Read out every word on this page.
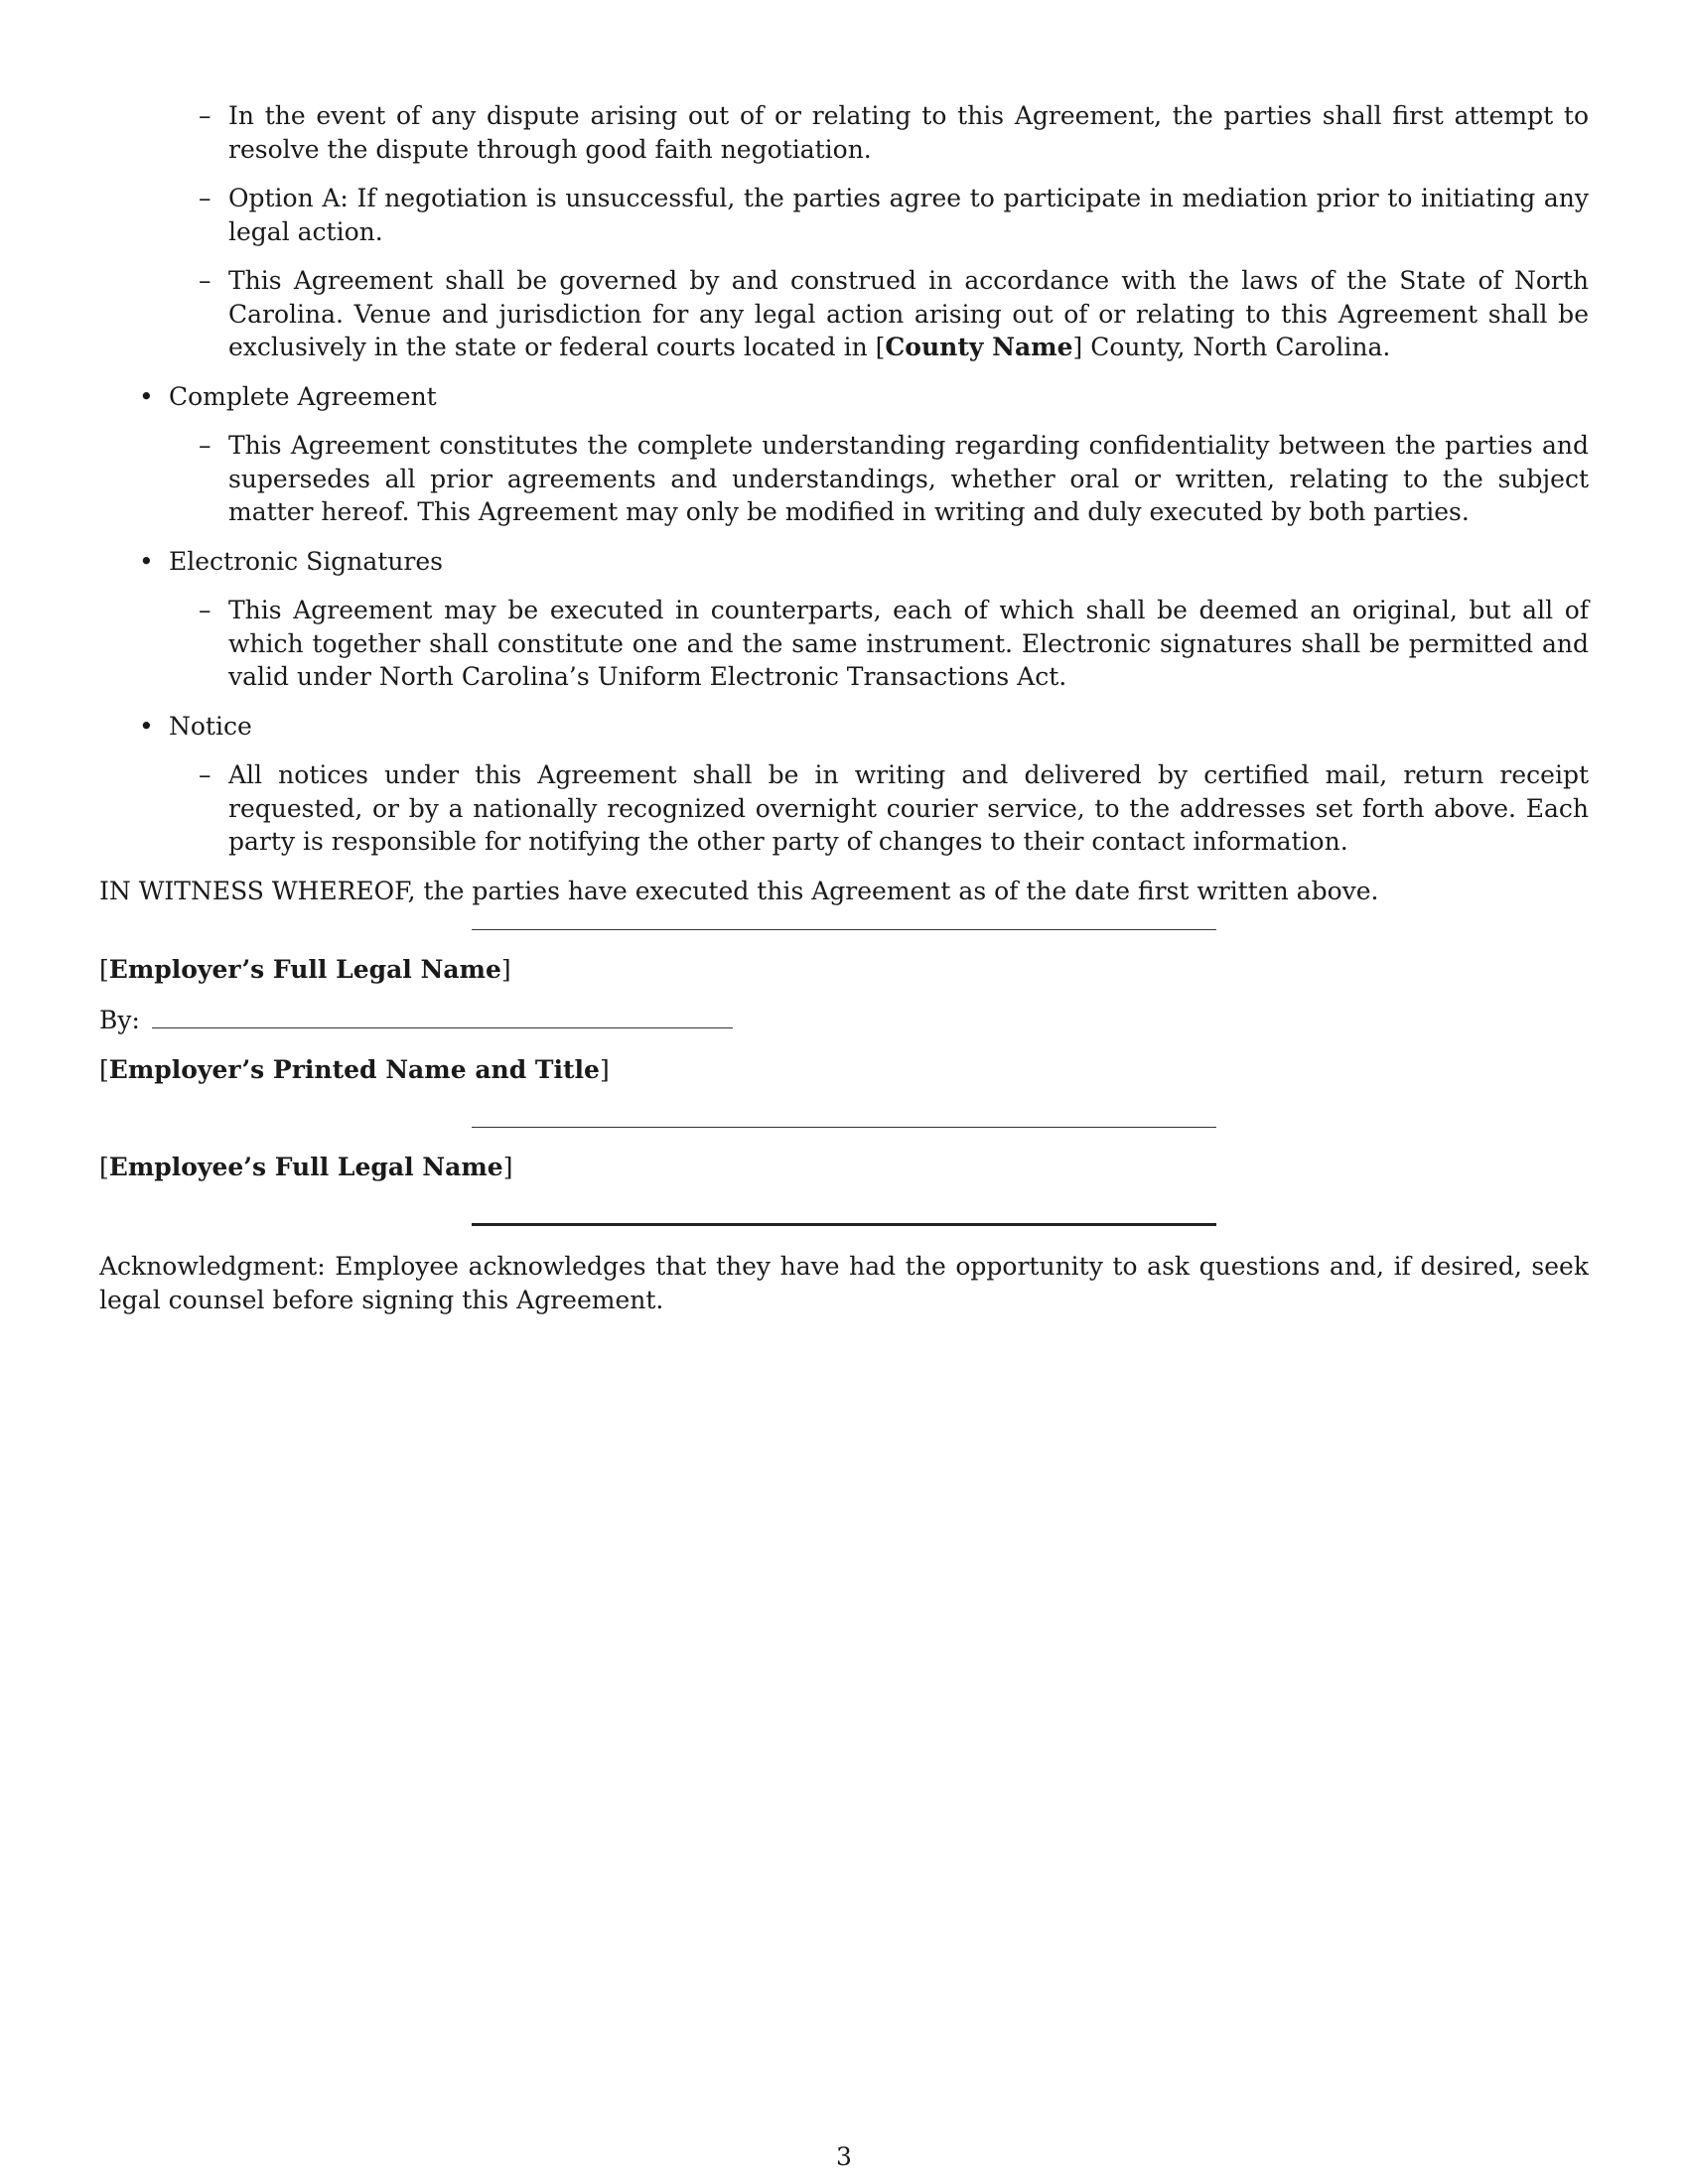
– In the event of any dispute arising out of or relating to this Agreement, the parties shall first attempt to resolve the dispute through good faith negotiation.
– Option A: If negotiation is unsuccessful, the parties agree to participate in mediation prior to initiating any legal action.
– This Agreement shall be governed by and construed in accordance with the laws of the State of North Carolina. Venue and jurisdiction for any legal action arising out of or relating to this Agreement shall be exclusively in the state or federal courts located in [County Name] County, North Carolina.
• Complete Agreement
– This Agreement constitutes the complete understanding regarding confidentiality between the parties and supersedes all prior agreements and understandings, whether oral or written, relating to the subject matter hereof. This Agreement may only be modified in writing and duly executed by both parties.
• Electronic Signatures
– This Agreement may be executed in counterparts, each of which shall be deemed an original, but all of which together shall constitute one and the same instrument. Electronic signatures shall be permitted and valid under North Carolina’s Uniform Electronic Transactions Act.
• Notice
– All notices under this Agreement shall be in writing and delivered by certified mail, return receipt requested, or by a nationally recognized overnight courier service, to the addresses set forth above. Each party is responsible for notifying the other party of changes to their contact information.
IN WITNESS WHEREOF, the parties have executed this Agreement as of the date first written above.
[Employer’s Full Legal Name]
By:
[Employer’s Printed Name and Title]
[Employee’s Full Legal Name]
Acknowledgment: Employee acknowledges that they have had the opportunity to ask questions and, if desired, seek legal counsel before signing this Agreement.
3
